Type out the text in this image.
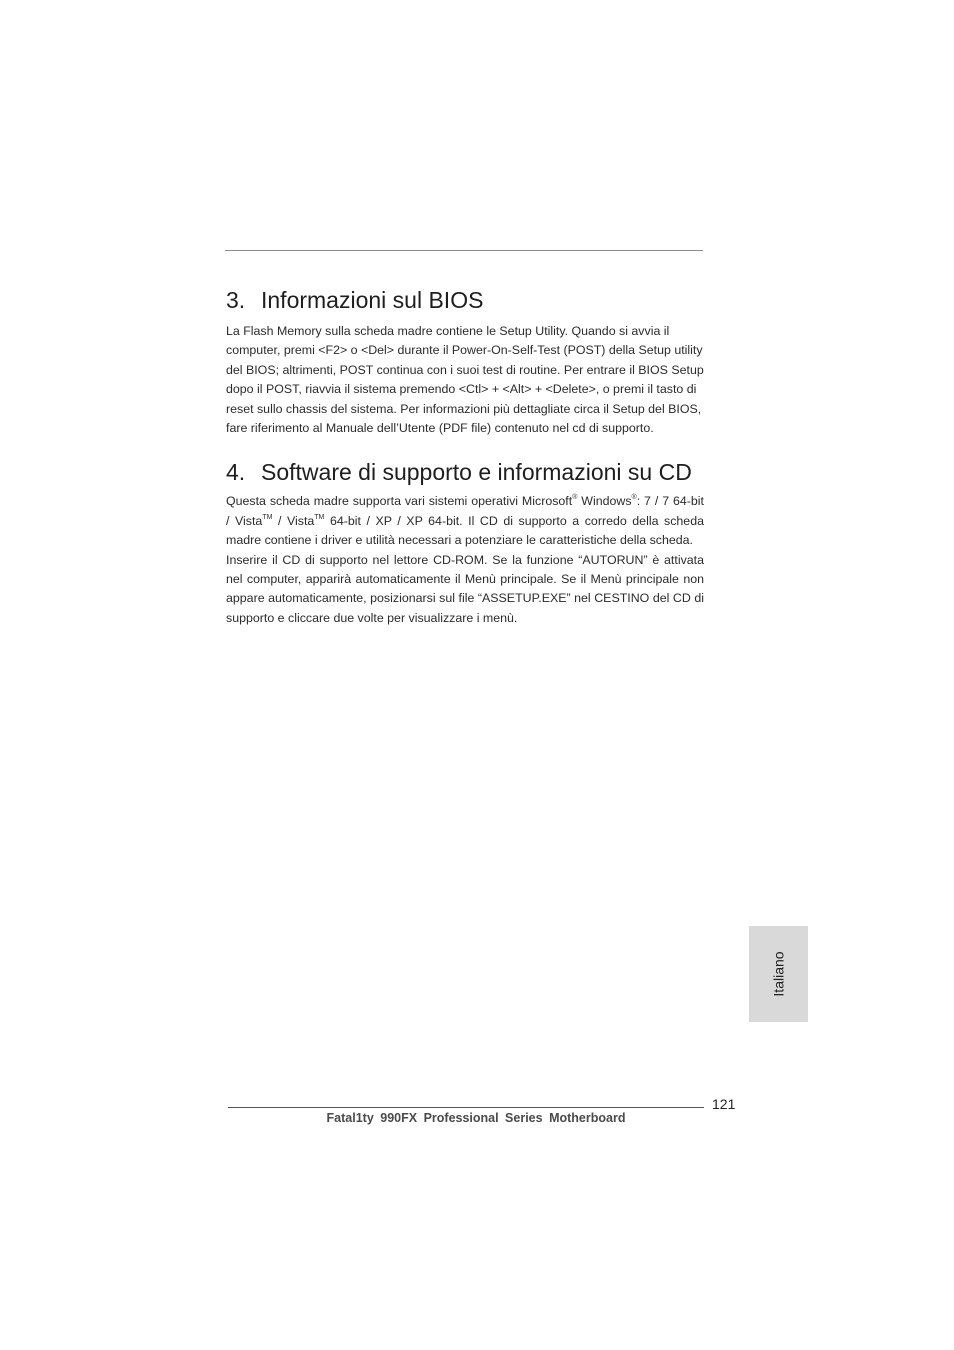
3. Informazioni sul BIOS

La Flash Memory sulla scheda madre contiene le Setup Utility. Quando si avvia il computer, premi <F2> o <Del> durante il Power-On-Self-Test (POST) della Setup utility del BIOS; altrimenti, POST continua con i suoi test di routine. Per entrare il BIOS Setup dopo il POST, riavvia il sistema premendo <Ctl> + <Alt> + <Delete>, o premi il tasto di reset sullo chassis del sistema. Per informazioni più dettagliate circa il Setup del BIOS, fare riferimento al Manuale dell’Utente (PDF file) contenuto nel cd di supporto.

4. Software di supporto e informazioni su CD

Questa scheda madre supporta vari sistemi operativi Microsoft® Windows®: 7 / 7 64-bit / Vista™ / Vista™ 64-bit / XP / XP 64-bit. Il CD di supporto a corredo della scheda madre contiene i driver e utilità necessari a potenziare le caratteristiche della scheda.

Inserire il CD di supporto nel lettore CD-ROM. Se la funzione “AUTORUN” è attivata nel computer, apparirà automaticamente il Menù principale. Se il Menù principale non appare automaticamente, posizionarsi sul file “ASSETUP.EXE” nel CESTINO del CD di supporto e cliccare due volte per visualizzare i menù.

Italiano
121
Fatal1ty 990FX Professional Series Motherboard
